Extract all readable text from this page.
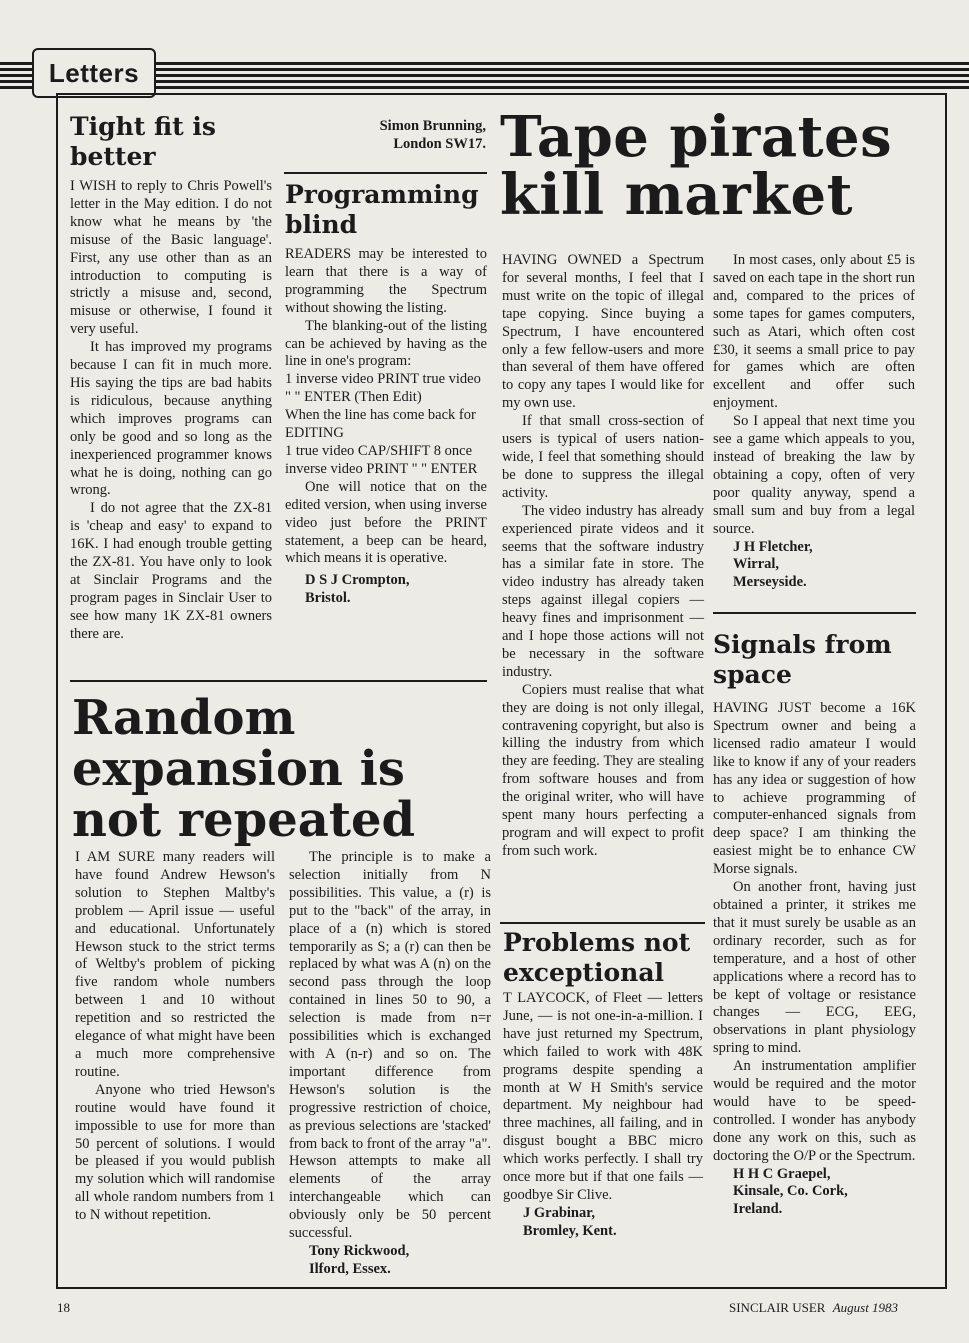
Letters
Tight fit is
better

I WISH to reply to Chris Powell's letter in the May edition. I do not know what he means by 'the misuse of the Basic language'. First, any use other than as an introduction to computing is strictly a misuse and, second, misuse or otherwise, I found it very useful.

It has improved my programs because I can fit in much more. His saying the tips are bad habits is ridiculous, because anything which improves programs can only be good and so long as the inexperienced programmer knows what he is doing, nothing can go wrong.

I do not agree that the ZX-81 is 'cheap and easy' to expand to 16K. I had enough trouble getting the ZX-81. You have only to look at Sinclair Programs and the program pages in Sinclair User to see how many 1K ZX-81 owners there are.

Simon Brunning,

London SW17.

Programming
blind

READERS may be interested to learn that there is a way of programming the Spectrum without showing the listing.

The blanking-out of the listing can be achieved by having as the line in one's program:

1 inverse video PRINT true video " " ENTER (Then Edit)

When the line has come back for EDITING

1 true video CAP/SHIFT 8 once inverse video PRINT " " ENTER

One will notice that on the edited version, when using inverse video just before the PRINT statement, a beep can be heard, which means it is operative.

D S J Crompton,

Bristol.

Tape pirates
kill market

HAVING OWNED a Spectrum for several months, I feel that I must write on the topic of illegal tape copying. Since buying a Spectrum, I have encountered only a few fellow-users and more than several of them have offered to copy any tapes I would like for my own use.

If that small cross-section of users is typical of users nation-wide, I feel that something should be done to suppress the illegal activity.

The video industry has already experienced pirate videos and it seems that the software industry has a similar fate in store. The video industry has already taken steps against illegal copiers — heavy fines and imprisonment — and I hope those actions will not be necessary in the software industry.

Copiers must realise that what they are doing is not only illegal, contravening copyright, but also is killing the industry from which they are feeding. They are stealing from software houses and from the original writer, who will have spent many hours perfecting a program and will expect to profit from such work.

In most cases, only about £5 is saved on each tape in the short run and, compared to the prices of some tapes for games computers, such as Atari, which often cost £30, it seems a small price to pay for games which are often excellent and offer such enjoyment.

So I appeal that next time you see a game which appeals to you, instead of breaking the law by obtaining a copy, often of very poor quality anyway, spend a small sum and buy from a legal source.

J H Fletcher,

Wirral,

Merseyside.

Signals from
space

HAVING JUST become a 16K Spectrum owner and being a licensed radio amateur I would like to know if any of your readers has any idea or suggestion of how to achieve programming of computer-enhanced signals from deep space? I am thinking the easiest might be to enhance CW Morse signals.

On another front, having just obtained a printer, it strikes me that it must surely be usable as an ordinary recorder, such as for temperature, and a host of other applications where a record has to be kept of voltage or resistance changes — ECG, EEG, observations in plant physiology spring to mind.

An instrumentation amplifier would be required and the motor would have to be speed-controlled. I wonder has anybody done any work on this, such as doctoring the O/P or the Spectrum.

H H C Graepel,

Kinsale, Co. Cork,

Ireland.

Random
expansion is
not repeated

I AM SURE many readers will have found Andrew Hewson's solution to Stephen Maltby's problem — April issue — useful and educational. Unfortunately Hewson stuck to the strict terms of Weltby's problem of picking five random whole numbers between 1 and 10 without repetition and so restricted the elegance of what might have been a much more comprehensive routine.

Anyone who tried Hewson's routine would have found it impossible to use for more than 50 percent of solutions. I would be pleased if you would publish my solution which will randomise all whole random numbers from 1 to N without repetition.

The principle is to make a selection initially from N possibilities. This value, a (r) is put to the "back" of the array, in place of a (n) which is stored temporarily as S; a (r) can then be replaced by what was A (n) on the second pass through the loop contained in lines 50 to 90, a selection is made from n=r possibilities which is exchanged with A (n-r) and so on. The important difference from Hewson's solution is the progressive restriction of choice, as previous selections are 'stacked' from back to front of the array "a". Hewson attempts to make all elements of the array interchangeable which can obviously only be 50 percent successful.

Tony Rickwood,

Ilford, Essex.

Problems not
exceptional

T LAYCOCK, of Fleet — letters June, — is not one-in-a-million. I have just returned my Spectrum, which failed to work with 48K programs despite spending a month at W H Smith's service department. My neighbour had three machines, all failing, and in disgust bought a BBC micro which works perfectly. I shall try once more but if that one fails — goodbye Sir Clive.

J Grabinar,

Bromley, Kent.

18	SINCLAIR USER August 1983
